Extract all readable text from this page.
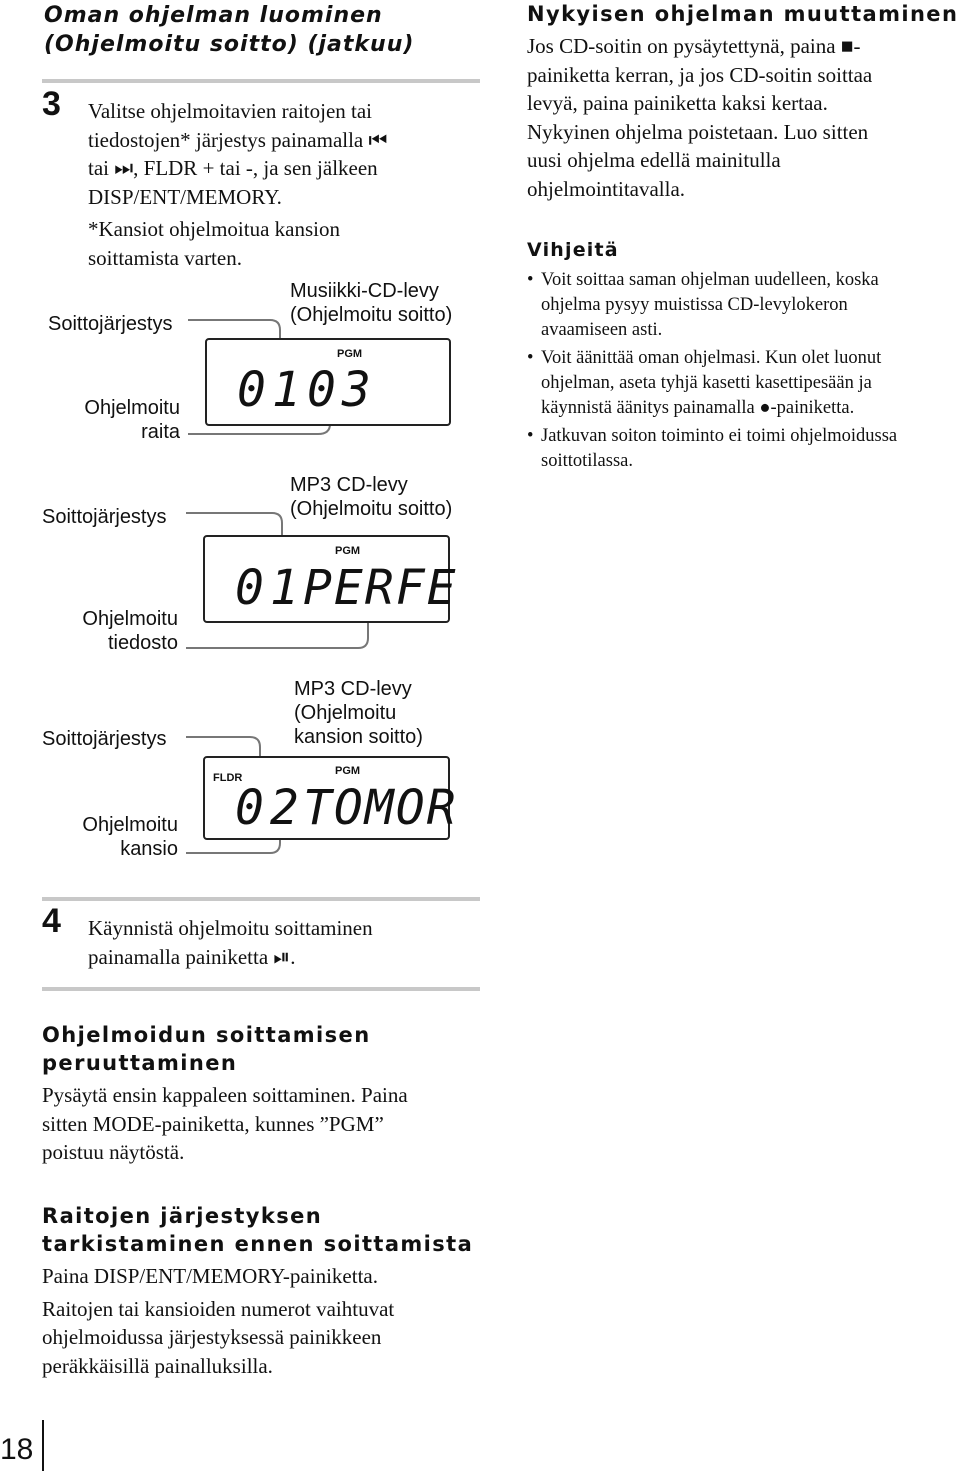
Oman ohjelman luominen
(Ohjelmoitu soitto) (jatkuu)
3 Valitse ohjelmoitavien raitojen tai
tiedostojen* järjestys painamalla ⏮
tai ⏭, FLDR + tai -, ja sen jälkeen
DISP/ENT/MEMORY.
*Kansiot ohjelmoitua kansion
soittamista varten.
Musiikki-CD-levy
(Ohjelmoitu soitto)
Soittojärjestys
Ohjelmoitu
raita
PGM
01 03
MP3 CD-levy
(Ohjelmoitu soitto)
Soittojärjestys
Ohjelmoitu
tiedosto
PGM
01
PERFE
MP3 CD-levy
(Ohjelmoitu
kansion soitto)
Soittojärjestys
Ohjelmoitu
kansio
FLDR
PGM
02
TOMOR
4 Käynnistä ohjelmoitu soittaminen
painamalla painiketta ⏯.
Ohjelmoidun soittamisen
peruuttaminen
Pysäytä ensin kappaleen soittaminen. Paina
sitten MODE-painiketta, kunnes ”PGM”
poistuu näytöstä.
Raitojen järjestyksen
tarkistaminen ennen soittamista
Paina DISP/ENT/MEMORY-painiketta.
Raitojen tai kansioiden numerot vaihtuvat
ohjelmoidussa järjestyksessä painikkeen
peräkkäisillä painalluksilla.
Nykyisen ohjelman muuttaminen
Jos CD-soitin on pysäytettynä, paina ■-
painiketta kerran, ja jos CD-soitin soittaa
levyä, paina painiketta kaksi kertaa.
Nykyinen ohjelma poistetaan. Luo sitten
uusi ohjelma edellä mainitulla
ohjelmointitavalla.
Vihjeitä
• Voit soittaa saman ohjelman uudelleen, koska
ohjelma pysyy muistissa CD-levylokeron
avaamiseen asti.
• Voit äänittää oman ohjelmasi. Kun olet luonut
ohjelman, aseta tyhjä kasetti kasettipesään ja
käynnistä äänitys painamalla ●-painiketta.
• Jatkuvan soiton toiminto ei toimi ohjelmoidussa
soittotilassa.
18
